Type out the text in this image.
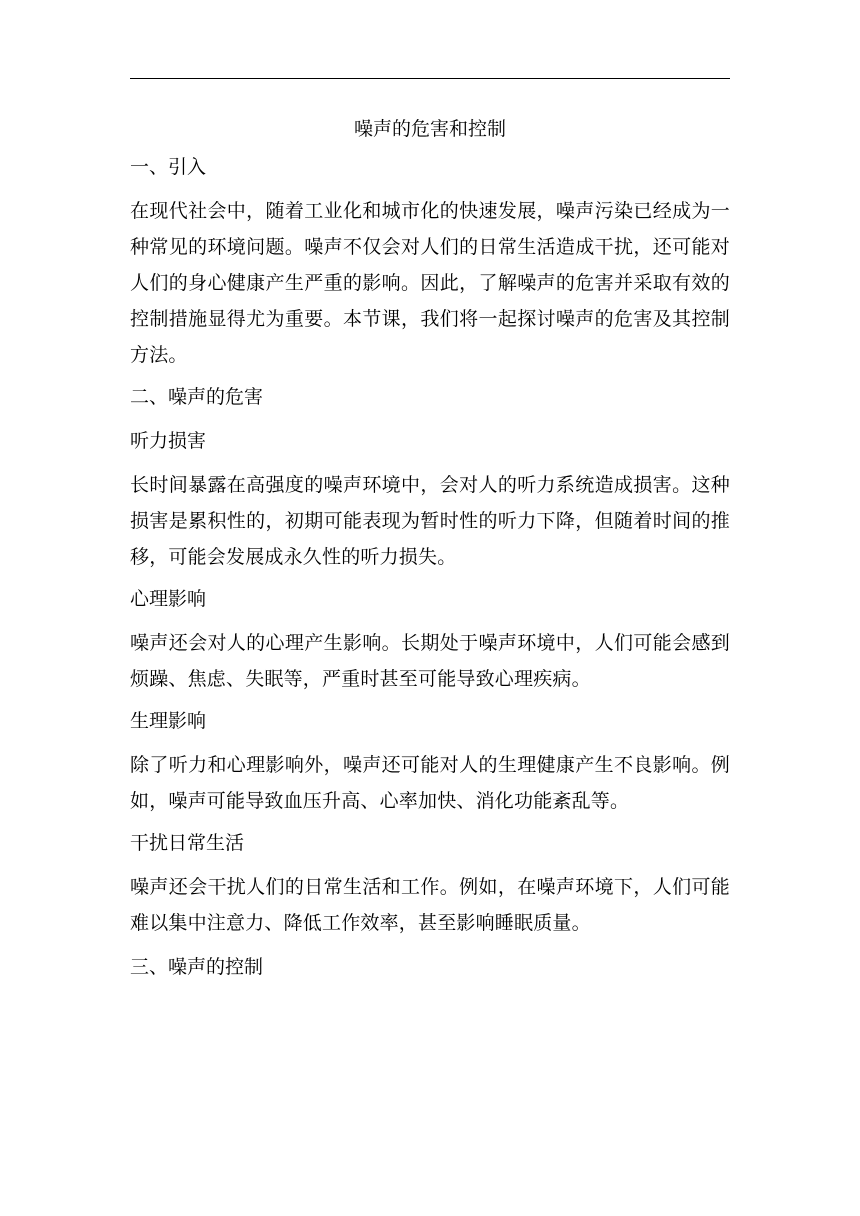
噪声的危害和控制
一、引入
在现代社会中，随着工业化和城市化的快速发展，噪声污染已经成为一种常见的环境问题。噪声不仅会对人们的日常生活造成干扰，还可能对人们的身心健康产生严重的影响。因此，了解噪声的危害并采取有效的控制措施显得尤为重要。本节课，我们将一起探讨噪声的危害及其控制方法。
二、噪声的危害
听力损害
长时间暴露在高强度的噪声环境中，会对人的听力系统造成损害。这种损害是累积性的，初期可能表现为暂时性的听力下降，但随着时间的推移，可能会发展成永久性的听力损失。
心理影响
噪声还会对人的心理产生影响。长期处于噪声环境中，人们可能会感到烦躁、焦虑、失眠等，严重时甚至可能导致心理疾病。
生理影响
除了听力和心理影响外，噪声还可能对人的生理健康产生不良影响。例如，噪声可能导致血压升高、心率加快、消化功能紊乱等。
干扰日常生活
噪声还会干扰人们的日常生活和工作。例如，在噪声环境下，人们可能难以集中注意力、降低工作效率，甚至影响睡眠质量。
三、噪声的控制
